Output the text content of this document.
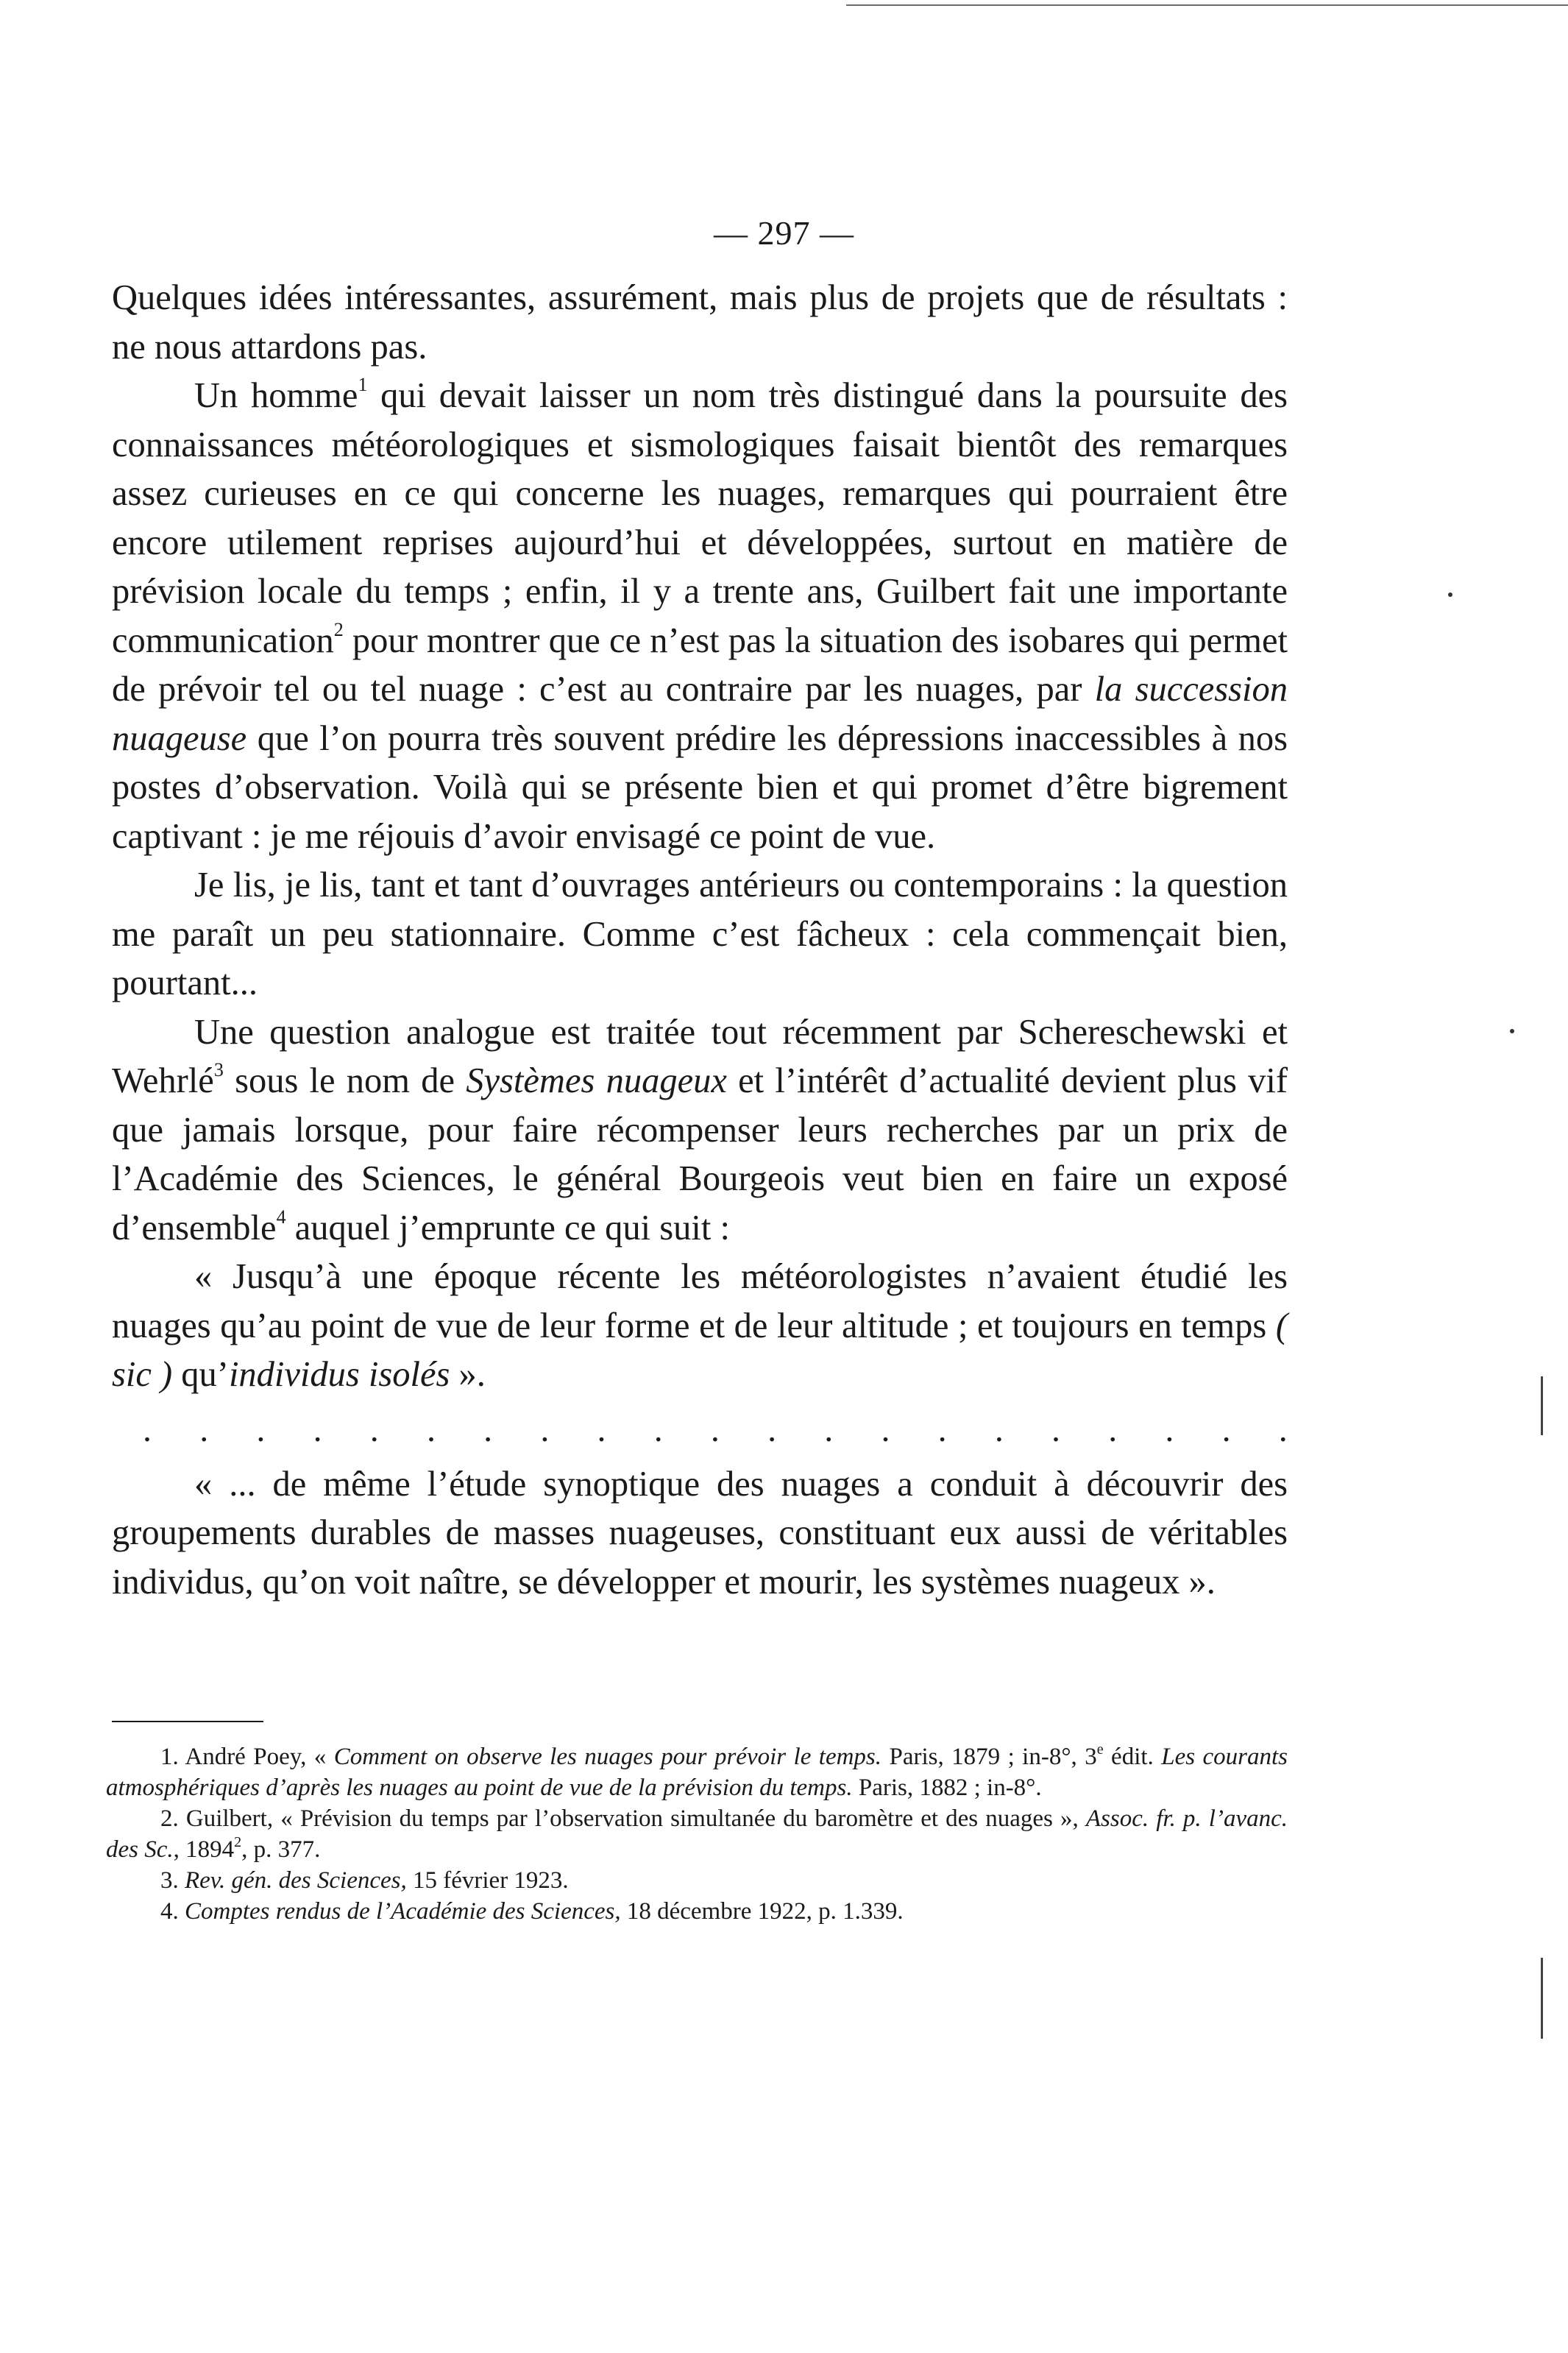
— 297 —

Quelques idées intéressantes, assurément, mais plus de projets que de résultats : ne nous attardons pas.

Un homme$^1$ qui devait laisser un nom très distingué dans la poursuite des connaissances météorologiques et sismologiques faisait bientôt des remarques assez curieuses en ce qui concerne les nuages, remarques qui pourraient être encore utilement reprises aujourd’hui et développées, surtout en matière de prévision locale du temps ; enfin, il y a trente ans, Guilbert fait une importante communication$^2$ pour montrer que ce n’est pas la situation des isobares qui permet de prévoir tel ou tel nuage : c’est au contraire par les nuages, par la succession nuageuse que l’on pourra très souvent prédire les dépressions inaccessibles à nos postes d’observation. Voilà qui se présente bien et qui promet d’être bigrement captivant : je me réjouis d’avoir envisagé ce point de vue.

Je lis, je lis, tant et tant d’ouvrages antérieurs ou contemporains : la question me paraît un peu stationnaire. Comme c’est fâcheux : cela commençait bien, pourtant...

Une question analogue est traitée tout récemment par Schereschewski et Wehrlé$^3$ sous le nom de Systèmes nuageux et l’intérêt d’actualité devient plus vif que jamais lorsque, pour faire récompenser leurs recherches par un prix de l’Académie des Sciences, le général Bourgeois veut bien en faire un exposé d’ensemble$^4$ auquel j’emprunte ce qui suit :

« Jusqu’à une époque récente les météorologistes n’avaient étudié les nuages qu’au point de vue de leur forme et de leur altitude ; et toujours en temps ( sic ) qu’individus isolés ».

. . . . . . . . . . . . . . . . . . . . .

« ... de même l’étude synoptique des nuages a conduit à découvrir des groupements durables de masses nuageuses, constituant eux aussi de véritables individus, qu’on voit naître, se développer et mourir, les systèmes nuageux ».

1. André Poey, « Comment on observe les nuages pour prévoir le temps. Paris, 1879 ; in-8°, 3e édit. Les courants atmosphériques d’après les nuages au point de vue de la prévision du temps. Paris, 1882 ; in-8°.

2. Guilbert, « Prévision du temps par l’observation simultanée du baromètre et des nuages », Assoc. fr. p. l’avanc. des Sc., 1894$^2$, p. 377.

3. Rev. gén. des Sciences, 15 février 1923.

4. Comptes rendus de l’Académie des Sciences, 18 décembre 1922, p. 1.339.
